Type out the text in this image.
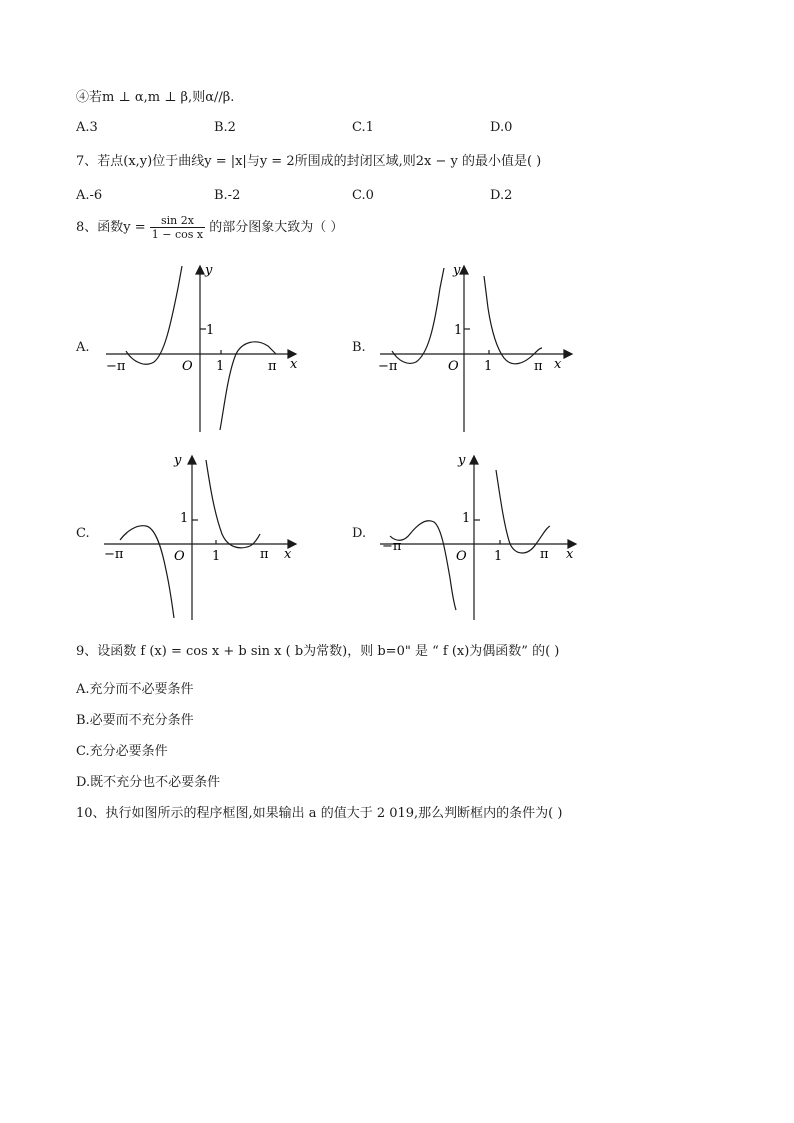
④若m ⊥ α,m ⊥ β,则α//β.
A.3	B.2	C.1	D.0
7、若点(x,y)位于曲线y = |x|与y = 2所围成的封闭区域,则2x − y 的最小值是( )
A.-6	B.-2	C.0	D.2
8、函数$y = \frac{\sin 2x}{\text{1 − cos x}}$ 的部分图象大致为（ ）
A.
y
x
O 1
1
−π	π
B.
y
x
O 1
1
−π	π
C.
y
x
O 1
1
−π	π
D.
y
x
O 1
1
−π
π
9、设函数 f (x) = cos x + b sin x ( b为常数)，则 b=0" 是 “ f (x)为偶函数” 的( )
A.充分而不必要条件
B.必要而不充分条件
C.充分必要条件
D.既不充分也不必要条件
10、执行如图所示的程序框图,如果输出 a 的值大于 2 019,那么判断框内的条件为( )
